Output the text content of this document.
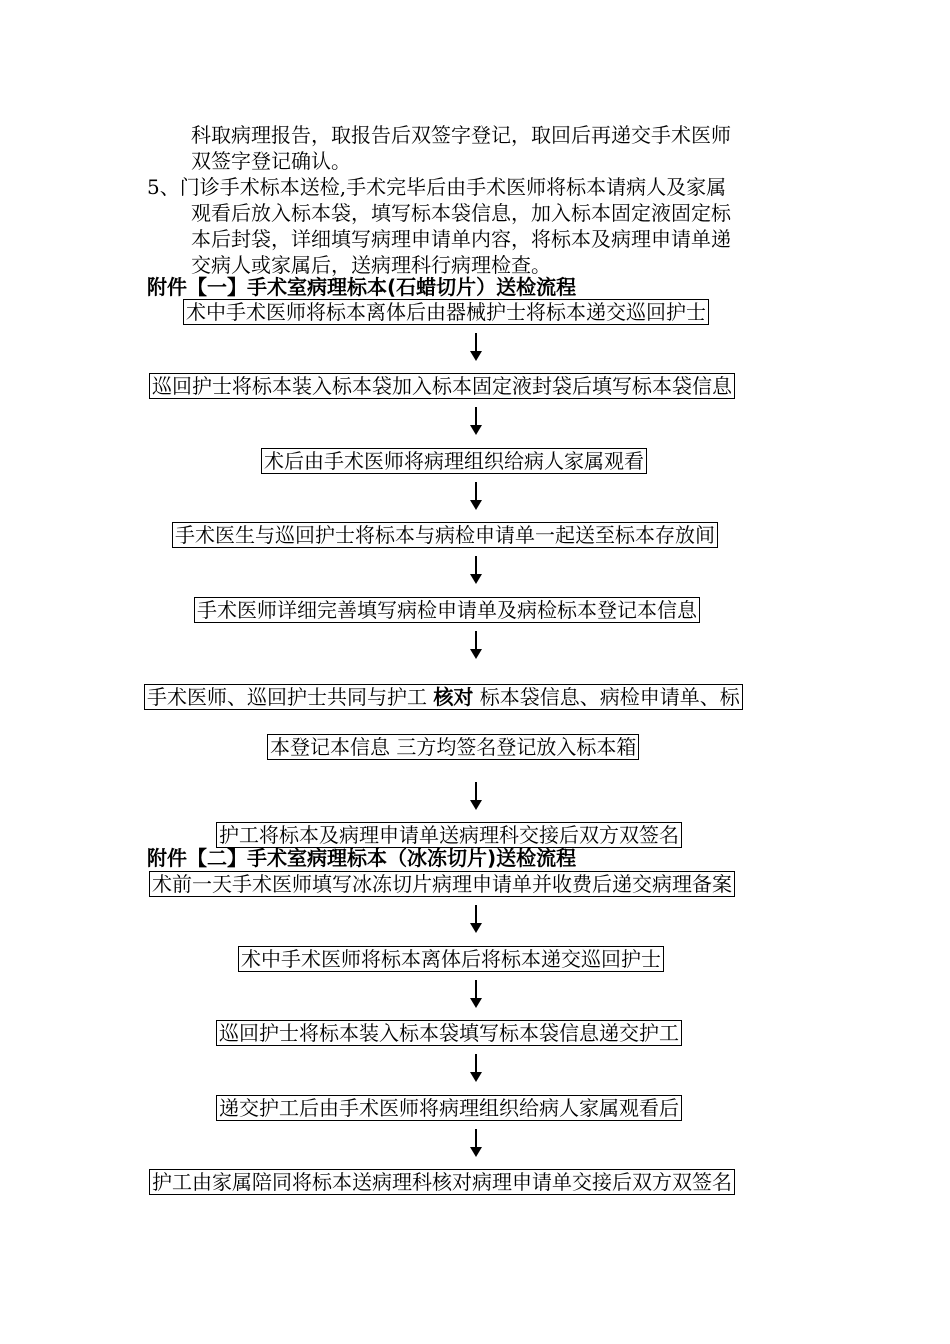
科取病理报告，取报告后双签字登记，取回后再递交手术医师

双签字登记确认。

5、门诊手术标本送检,手术完毕后由手术医师将标本请病人及家属

观看后放入标本袋，填写标本袋信息，加入标本固定液固定标

本后封袋，详细填写病理申请单内容，将标本及病理申请单递

交病人或家属后，送病理科行病理检查。

附件【一】手术室病理标本(石蜡切片）送检流程
术中手术医师将标本离体后由器械护士将标本递交巡回护士
巡回护士将标本装入标本袋加入标本固定液封袋后填写标本袋信息
术后由手术医师将病理组织给病人家属观看
手术医生与巡回护士将标本与病检申请单一起送至标本存放间
手术医师详细完善填写病检申请单及病检标本登记本信息
手术医师、巡回护士共同与护工 核对 标本袋信息、病检申请单、标
本登记本信息 三方均签名登记放入标本箱
护工将标本及病理申请单送病理科交接后双方双签名
附件【二】手术室病理标本（冰冻切片)送检流程
术前一天手术医师填写冰冻切片病理申请单并收费后递交病理备案
术中手术医师将标本离体后将标本递交巡回护士
巡回护士将标本装入标本袋填写标本袋信息递交护工
递交护工后由手术医师将病理组织给病人家属观看后
护工由家属陪同将标本送病理科核对病理申请单交接后双方双签名
